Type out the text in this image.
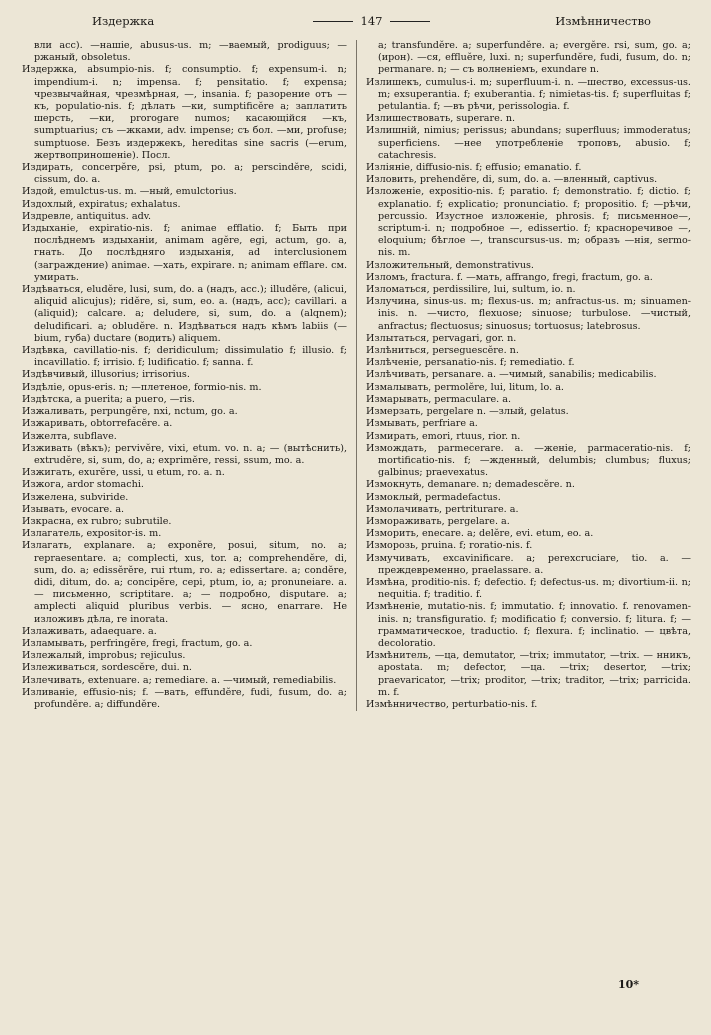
Издержка	147	Измѣнничество

вли асс). —нашіе, abusus-us. m; —ваемый, prodiguus; —ржаный, obsoletus.

Издержка, absumpio-nis. f; consumptio. f; expensum-i. n; impendium-i. n; impensa. f; pensitatio. f; expensa; чрезвычайная, чрезмѣрная, —, insania. f; разорение отъ —къ, populatio-nis. f; дѣлать —ки, sumptificĕre a; заплатить шерсть, —ки, prorogare numos; касающійся —къ, sumptuarius; съ —жками, adv. impense; съ бол. —ми, profuse; sumptuose. Безъ издержекъ, hereditas sine sacris (—erum, жертвоприношеніе). Посл.

Издирать, concerpĕre, psi, ptum, po. a; perscindĕre, scidi, cissum, do. a.

Издой, emulctus-us. m. —ный, emulctorius.

Издохлый, expiratus; exhalatus.

Издревле, antiquitus. adv.

Издыханіе, expiratio-nis. f; animae efflatio. f; Быть при послѣднемъ издыханіи, animam agĕre, egi, actum, go. a, гнать. До послѣдняго издыханія, ad interclusionem (заграждение) animae. —хать, expirare. n; animam efflare. см. умирать.

Издѣваться, eludĕre, lusi, sum, do. a (надъ, асс.); illudĕre, (alicui, aliquid alicujus); ridĕre, si, sum, eo. a. (надъ, асс); cavillari. a (aliquid); calcare. a; deludere, si, sum, do. a (alqnem); deludificari. a; obludĕre. n. Издѣваться надъ кѣмъ labiis (—bium, губа) ductare (водить) aliquem.

Издѣвка, cavillatio-nis. f; deridiculum; dissimulatio f; illusio. f; incavillatio. f; irrisio. f; ludificatio. f; sanna. f.

Издѣвчивый, illusorius; irrisorius.

Издѣліе, opus-eris. n; —плетеное, formio-nis. m.

Издѣтска, a puerita; a pueгo, —ris.

Изжаливать, perpungĕre, nxi, nctum, go. a.

Изжаривать, obtorrefacĕre. a.

Изжелта, subflave.

Изживать (вѣкъ); pervivĕre, vixi, etum. vo. n. a; — (вытѣснить), extrudĕre, si, sum, do, a; exprimĕre, ressi, ssum, mo. a.

Изжигать, exurĕre, ussi, u etum, ro. a. n.

Изжога, ardor stomachi.

Изжелена, subviride.

Изывать, evocare. a.

Изкрасна, ex rubro; subrutile.

Излагатель, expositor-is. m.

Излагать, explanare. a; exponĕre, posui, situm, no. a; repraesentare. a; complecti, xus, tor. a; comprehendĕre, di, sum, do. a; edissĕrĕre, rui rtum, ro. a; edissertare. a; condĕre, didi, ditum, do. a; concipĕre, cepi, ptum, io, a; pronuneiare. a. — письменно, scriptitare. a; — подробно, disputare. a; amplecti aliquid pluribus verbis. — ясно, enarrare. Не изложивъ дѣла, re inorata.

Излаживать, adaequare. a.

Изламывать, perfringĕre, fregi, fractum, go. a.

Излежалый, improbus; rejiculus.

Излеживаться, sordescĕre, dui. n.

Излечивать, extenuare. a; remediare. a. —чимый, remediabilis.

Изливаніе, effusio-nis; f. —вать, effundĕre, fudi, fusum, do. a; profundĕre. a; diffundĕre.

a; transfundĕre. a; superfundĕre. a; evergĕre. rsi, sum, go. a; (ирон). —ся, effluĕre, luxi. n; superfundĕre, fudi, fusum, do. n; permanare. n; — съ волненіемъ, exundare n.

Излишекъ, cumulus-i. m; superfluum-i. n. —шество, excessus-us. m; exsuperantia. f; exuberantia. f; nimietas-tis. f; superfluitas f; petulantia. f; —въ рѣчи, perissologia. f.

Излишествовать, superare. n.

Излишній, nimius; perissus; abundans; superfluus; immoderatus; superficiens. —нее употребленіе троповъ, abusio. f; catachresis.

Изліяніе, diffusio-nis. f; effusio; emanatio. f.

Изловить, prehendĕre, di, sum, do. a. —вленный, captivus.

Изложеніе, expositio-nis. f; paratio. f; demonstratio. f; dictio. f; explanatio. f; explicatio; pronunciatio. f; propositio. f; —рѣчи, percussio. Изустное изложеніе, phrosis. f; письменное—, scriptum-i. n; подробное —, edissertio. f; красноречивое —, eloquium; бѣглое —, transcursus-us. m; образъ —нія, sermo-nis. m.

Изложительный, demonstrativus.

Изломъ, fractura. f. —мать, affrango, fregi, fractum, go. a.

Изломаться, perdissilire, lui, sultum, io. n.

Излучина, sinus-us. m; flexus-us. m; anfractus-us. m; sinuamen-inis. n. —чисто, flexuose; sinuose; turbulose. —чистый, anfractus; flectuosus; sinuosus; tortuosus; latebrosus.

Излытаться, pervagari, gor. n.

Излѣниться, perseguescĕre. n.

Излѣченіе, persanatio-nis. f; remediatio. f.

Излѣчивать, persanare. a. —чимый, sanabilis; medicabilis.

Измалывать, permolĕre, lui, litum, lo. a.

Измарывать, permaculare. a.

Измерзать, pergelare n. —злый, gelatus.

Измывать, perfriare a.

Измирать, emori, rtuus, rior. n.

Измождать, parmecerare. a. —женіе, parmaceratio-nis. f; mortificatio-nis. f; —жденный, delumbis; clumbus; fluxus; galbinus; praevexatus.

Измокнуть, demanare. n; demadescĕre. n.

Измоклый, permadefactus.

Измолачивать, pertriturare. a.

Изморaживать, pergelare. a.

Изморить, enecare. a; delĕre, evi. etum, eo. a.

Изморозь, pruina. f; roratio-nis. f.

Измучивать, exсavinificare. a; perexcruciare, tio. a. —преждевременно, praelassare. a.

Измѣна, proditio-nis. f; defectio. f; defectus-us. m; divortium-ii. n; nequitia. f; traditio. f.

Измѣненіе, mutatio-nis. f; immutatio. f; innovatio. f. renovamen-inis. n; transfiguratio. f; modificatio f; conversio. f; litura. f; —грамматическое, traductio. f; flexura. f; inclinatio. — цвѣта, decoloratio.

Измѣнитель, —ца, demutator, —trix; immutator, —trix. — нникъ, apostata. m; defector, —ца. —trix; desertor, —trix; praevaricator, —trix; proditor, —trix; traditor, —trix; parricida. m. f.

Измѣнничество, perturbatio-nis. f.

10*
